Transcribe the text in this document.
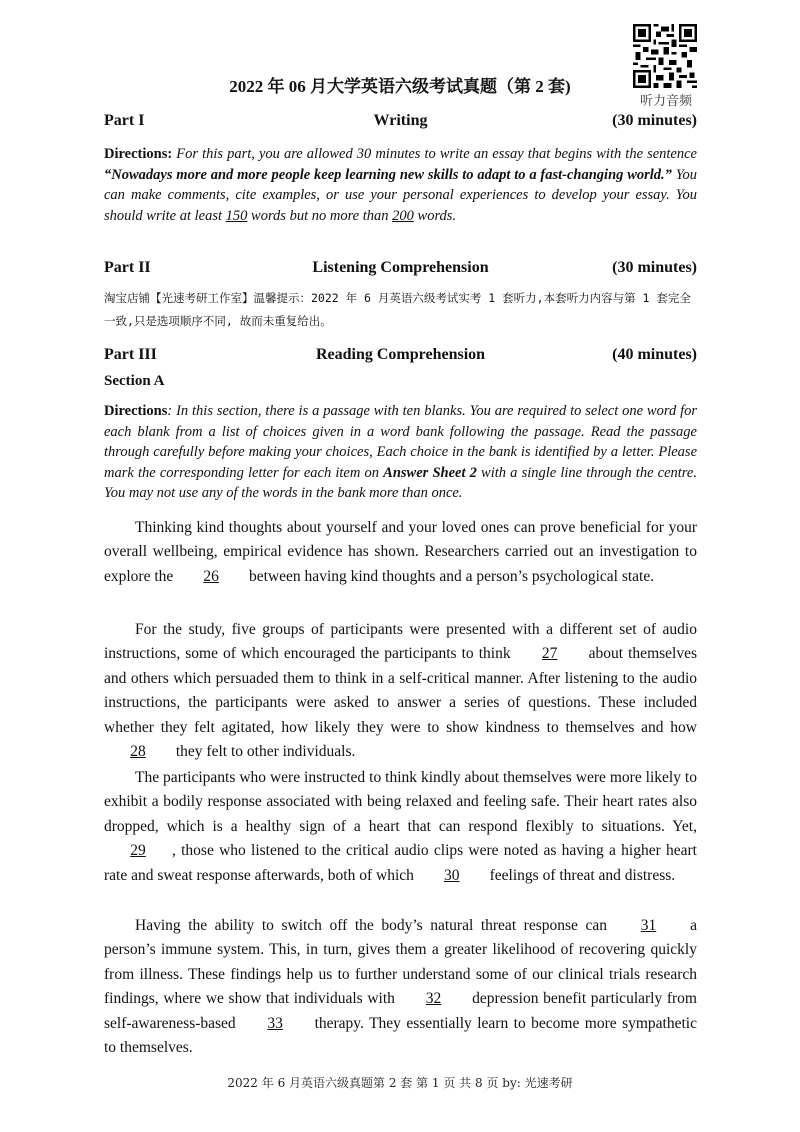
听力音频
2022 年 06 月大学英语六级考试真题（第 2 套)
Writing
Part I	(30 minutes)
Directions: For this part, you are allowed 30 minutes to write an essay that begins with the sentence “Nowadays more and more people keep learning new skills to adapt to a fast-changing world.” You can make comments, cite examples, or use your personal experiences to develop your essay. You should write at least 150 words but no more than 200 words.
Listening Comprehension
Part II	(30 minutes)
淘宝店铺【光速考研工作室】温馨提示：2022 年 6 月英语六级考试实考 1 套听力,本套听力内容与第 1 套完全一致,只是选项顺序不同, 故而未重复给出。
Reading Comprehension
Part III	(40 minutes)
Section A
Directions: In this section, there is a passage with ten blanks. You are required to select one word for each blank from a list of choices given in a word bank following the passage. Read the passage through carefully before making your choices, Each choice in the bank is identified by a letter. Please mark the corresponding letter for each item on Answer Sheet 2 with a single line through the centre. You may not use any of the words in the bank more than once.
Thinking kind thoughts about yourself and your loved ones can prove beneficial for your overall wellbeing, empirical evidence has shown. Researchers carried out an investigation to explore the 26 between having kind thoughts and a person’s psychological state.
For the study, five groups of participants were presented with a different set of audio instructions, some of which encouraged the participants to think 27 about themselves and others which persuaded them to think in a self-critical manner. After listening to the audio instructions, the participants were asked to answer a series of questions. These included whether they felt agitated, how likely they were to show kindness to themselves and how 28 they felt to other individuals.
The participants who were instructed to think kindly about themselves were more likely to exhibit a bodily response associated with being relaxed and feeling safe. Their heart rates also dropped, which is a healthy sign of a heart that can respond flexibly to situations. Yet, 29 , those who listened to the critical audio clips were noted as having a higher heart rate and sweat response afterwards, both of which 30 feelings of threat and distress.
Having the ability to switch off the body’s natural threat response can 31 a person’s immune system. This, in turn, gives them a greater likelihood of recovering quickly from illness. These findings help us to further understand some of our clinical trials research findings, where we show that individuals with 32 depression benefit particularly from self-awareness-based 33 therapy. They essentially learn to become more sympathetic to themselves.
2022 年 6 月英语六级真题第 2 套 第 1 页 共 8 页 by: 光速考研
